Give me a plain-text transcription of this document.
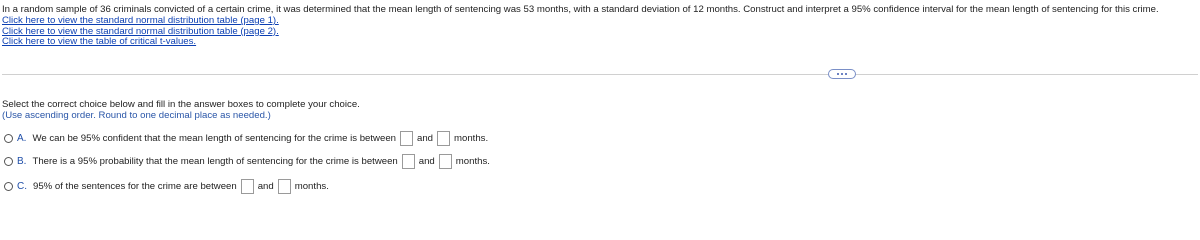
In a random sample of 36 criminals convicted of a certain crime, it was determined that the mean length of sentencing was 53 months, with a standard deviation of 12 months. Construct and interpret a 95% confidence interval for the mean length of sentencing for this crime.
Click here to view the standard normal distribution table (page 1).
Click here to view the standard normal distribution table (page 2).
Click here to view the table of critical t-values.
Select the correct choice below and fill in the answer boxes to complete your choice.
(Use ascending order. Round to one decimal place as needed.)
A. We can be 95% confident that the mean length of sentencing for the crime is between and months.
B. There is a 95% probability that the mean length of sentencing for the crime is between and months.
C. 95% of the sentences for the crime are between and months.
